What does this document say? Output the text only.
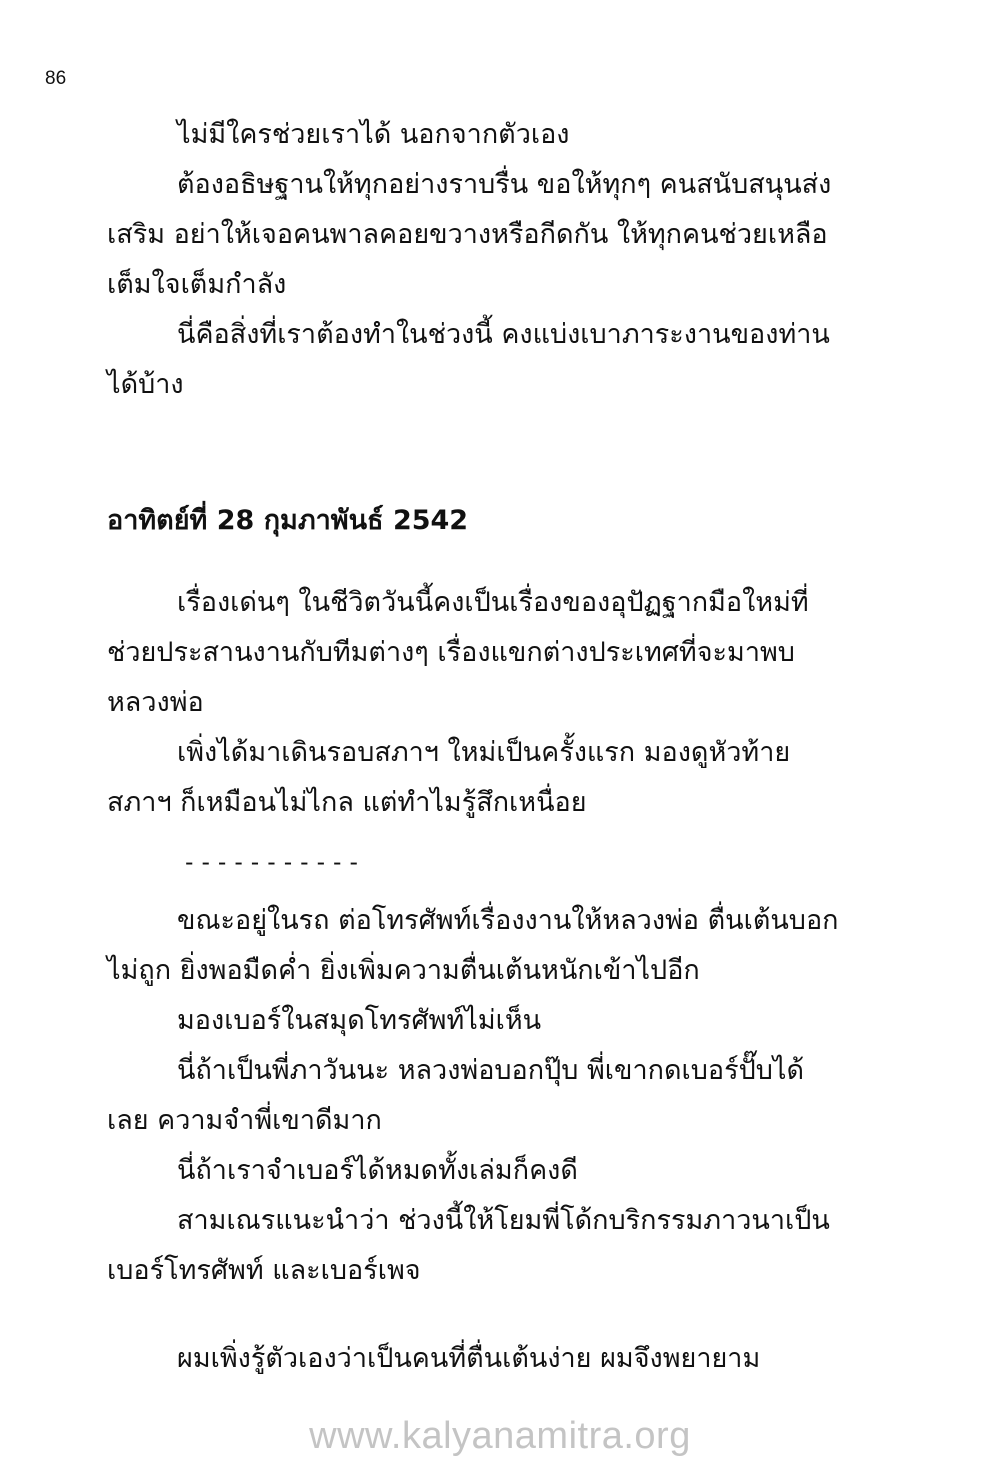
86

ไม่มีใครช่วยเราได้ นอกจากตัวเอง

ต้องอธิษฐานให้ทุกอย่างราบรื่น ขอให้ทุกๆ คนสนับสนุนส่งเสริม อย่าให้เจอคนพาลคอยขวางหรือกีดกัน ให้ทุกคนช่วยเหลือเต็มใจเต็มกำลัง

นี่คือสิ่งที่เราต้องทำในช่วงนี้ คงแบ่งเบาภาระงานของท่านได้บ้าง

อาทิตย์ที่ 28 กุมภาพันธ์ 2542

เรื่องเด่นๆ ในชีวิตวันนี้คงเป็นเรื่องของอุปัฏฐากมือใหม่ที่ช่วยประสานงานกับทีมต่างๆ เรื่องแขกต่างประเทศที่จะมาพบหลวงพ่อ

เพิ่งได้มาเดินรอบสภาฯ ใหม่เป็นครั้งแรก มองดูหัวท้ายสภาฯ ก็เหมือนไม่ไกล แต่ทำไมรู้สึกเหนื่อย

-----------

ขณะอยู่ในรถ ต่อโทรศัพท์เรื่องงานให้หลวงพ่อ ตื่นเต้นบอกไม่ถูก ยิ่งพอมืดค่ำ ยิ่งเพิ่มความตื่นเต้นหนักเข้าไปอีก

มองเบอร์ในสมุดโทรศัพท์ไม่เห็น

นี่ถ้าเป็นพี่ภาวันนะ หลวงพ่อบอกปุ๊บ พี่เขากดเบอร์ปั๊บได้เลย ความจำพี่เขาดีมาก

นี่ถ้าเราจำเบอร์ได้หมดทั้งเล่มก็คงดี

สามเณรแนะนำว่า ช่วงนี้ให้โยมพี่โด้กบริกรรมภาวนาเป็นเบอร์โทรศัพท์ และเบอร์เพจ

ผมเพิ่งรู้ตัวเองว่าเป็นคนที่ตื่นเต้นง่าย ผมจึงพยายาม

www.kalyanamitra.org
